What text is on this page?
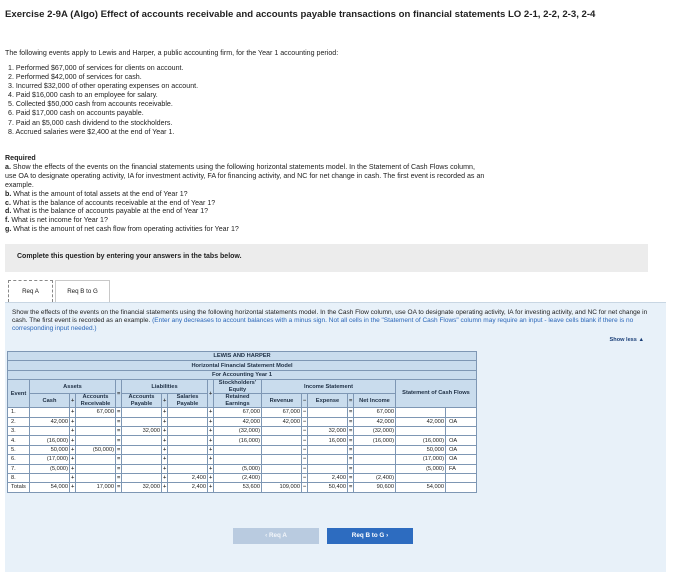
Exercise 2-9A (Algo) Effect of accounts receivable and accounts payable transactions on financial statements LO 2-1, 2-2, 2-3, 2-4
The following events apply to Lewis and Harper, a public accounting firm, for the Year 1 accounting period:
1. Performed $67,000 of services for clients on account.
2. Performed $42,000 of services for cash.
3. Incurred $32,000 of other operating expenses on account.
4. Paid $16,000 cash to an employee for salary.
5. Collected $50,000 cash from accounts receivable.
6. Paid $17,000 cash on accounts payable.
7. Paid an $5,000 cash dividend to the stockholders.
8. Accrued salaries were $2,400 at the end of Year 1.
Required
a. Show the effects of the events on the financial statements using the following horizontal statements model. In the Statement of Cash Flows column, use OA to designate operating activity, IA for investment activity, FA for financing activity, and NC for net change in cash. The first event is recorded as an example.
b. What is the amount of total assets at the end of Year 1?
c. What is the balance of accounts receivable at the end of Year 1?
d. What is the balance of accounts payable at the end of Year 1?
f. What is net income for Year 1?
g. What is the amount of net cash flow from operating activities for Year 1?
Complete this question by entering your answers in the tabs below.
Req A	Req B to G
Show the effects of the events on the financial statements using the following horizontal statements model. In the Cash Flow column, use OA to designate operating activity, IA for investing activity, and NC for net change in cash. The first event is recorded as an example. (Enter any decreases to account balances with a minus sign. Not all cells in the "Statement of Cash Flows" column may require an input - leave cells blank if there is no corresponding input needed.)
Show less ▲
LEWIS AND HARPER																
Horizontal Financial Statement Model																
For Accounting Year 1																
Event	Assets			=	Liabilities			+	Stockholders' Equity	Income Statement					Statement of Cash Flows	
	Cash	+	Accounts Receivable		Accounts Payable	+	Salaries Payable		Retained Earnings	Revenue	−	Expense	=	Net Income		

1.		+	67,000	=		+		+	67,000	67,000	−		=	67,000		
2.	42,000	+		=		+		+	42,000	42,000	−		=	42,000	42,000	OA
3.		+		=	32,000	+		+	(32,000)		−	32,000	=	(32,000)		
4.	(16,000)	+		=		+		+	(16,000)		−	16,000	=	(16,000)	(16,000)	OA
5.	50,000	+	(50,000)	=		+		+			−		=		50,000	OA
6.	(17,000)	+		=		+		+			−		=		(17,000)	OA
7.	(5,000)	+		=		+		+	(5,000)		−		=		(5,000)	FA
8.		+		=		+	2,400	+	(2,400)		−	2,400	=	(2,400)		
Totals	54,000	+	17,000	=	32,000	+	2,400	+	53,600	109,000	−	50,400	=	90,600	54,000	
‹ Req A	Req B to G ›
